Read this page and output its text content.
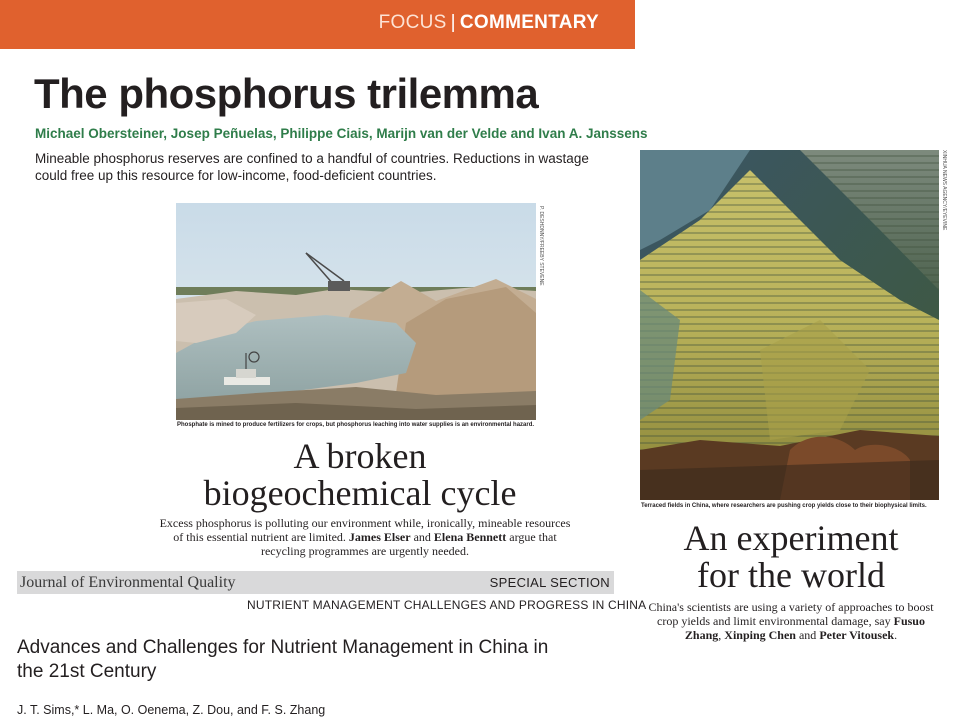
FOCUS | COMMENTARY
The phosphorus trilemma
Michael Obersteiner, Josep Peñuelas, Philippe Ciais, Marijn van der Velde and Ivan A. Janssens
Mineable phosphorus reserves are confined to a handful of countries. Reductions in wastage could free up this resource for low-income, food-deficient countries.
P. DESHDNNY/FREEBY STEVENE
Phosphate is mined to produce fertilizers for crops, but phosphorus leaching into water supplies is an environmental hazard.
A broken
biogeochemical cycle
Excess phosphorus is polluting our environment while, ironically, mineable resources of this essential nutrient are limited. James Elser and Elena Bennett argue that recycling programmes are urgently needed.
Journal of Environmental Quality	SPECIAL SECTION
NUTRIENT MANAGEMENT CHALLENGES AND PROGRESS IN CHINA
Advances and Challenges for Nutrient Management in China in the 21st Century
J. T. Sims,* L. Ma, O. Oenema, Z. Dou, and F. S. Zhang
XINHUA NEWS AGENCY/EYEVINE
Terraced fields in China, where researchers are pushing crop yields close to their biophysical limits.
An experiment
for the world
China's scientists are using a variety of approaches to boost crop yields and limit environmental damage, say Fusuo Zhang, Xinping Chen and Peter Vitousek.
